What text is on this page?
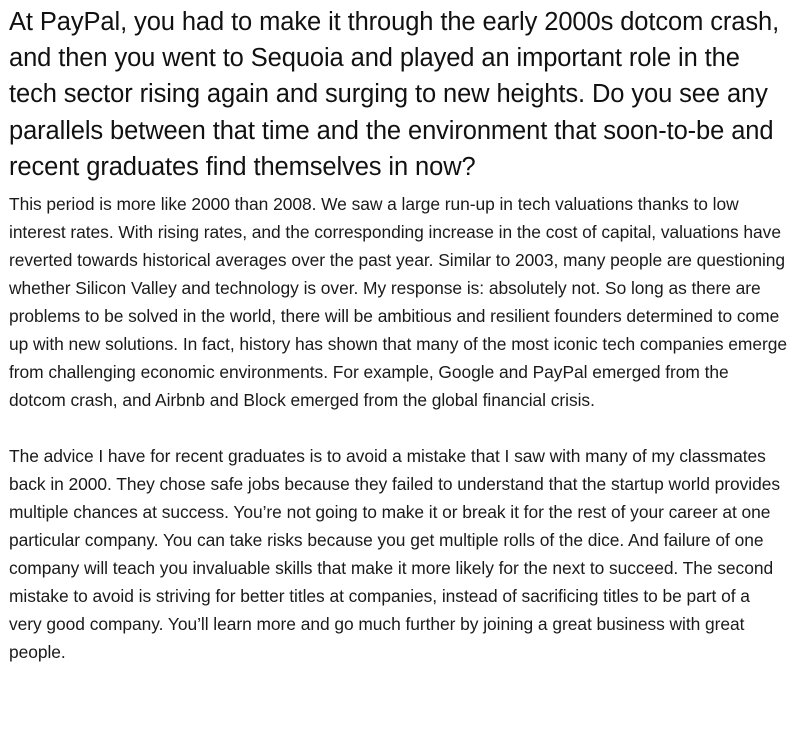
At PayPal, you had to make it through the early 2000s dotcom crash, and then you went to Sequoia and played an important role in the tech sector rising again and surging to new heights. Do you see any parallels between that time and the environment that soon-to-be and recent graduates find themselves in now?

This period is more like 2000 than 2008. We saw a large run-up in tech valuations thanks to low interest rates. With rising rates, and the corresponding increase in the cost of capital, valuations have reverted towards historical averages over the past year. Similar to 2003, many people are questioning whether Silicon Valley and technology is over. My response is: absolutely not. So long as there are problems to be solved in the world, there will be ambitious and resilient founders determined to come up with new solutions. In fact, history has shown that many of the most iconic tech companies emerge from challenging economic environments. For example, Google and PayPal emerged from the dotcom crash, and Airbnb and Block emerged from the global financial crisis.

The advice I have for recent graduates is to avoid a mistake that I saw with many of my classmates back in 2000. They chose safe jobs because they failed to understand that the startup world provides multiple chances at success. You’re not going to make it or break it for the rest of your career at one particular company. You can take risks because you get multiple rolls of the dice. And failure of one company will teach you invaluable skills that make it more likely for the next to succeed. The second mistake to avoid is striving for better titles at companies, instead of sacrificing titles to be part of a very good company. You’ll learn more and go much further by joining a great business with great people.
